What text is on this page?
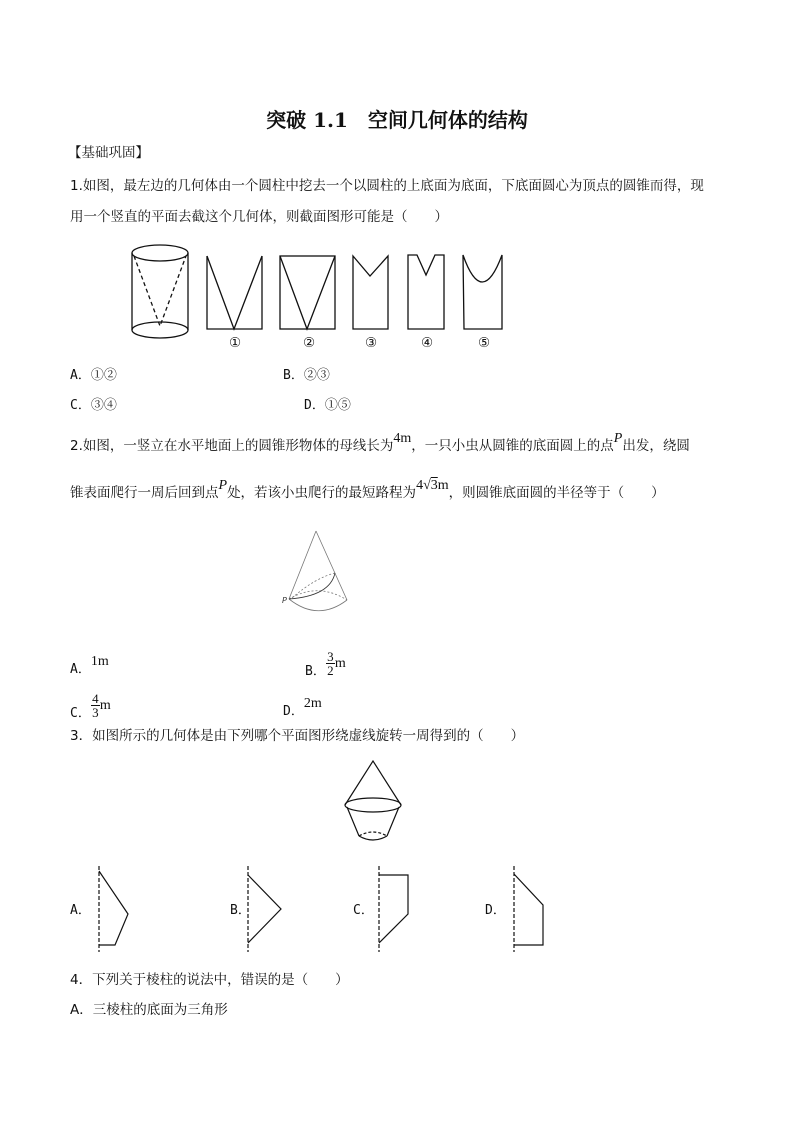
突破 1.1　空间几何体的结构
【基础巩固】
1.如图，最左边的几何体由一个圆柱中挖去一个以圆柱的上底面为底面，下底面圆心为顶点的圆锥而得，现
用一个竖直的平面去截这个几何体，则截面图形可能是（　　）
①	②	③	④	⑤
A．①②	B．②③
C．③④	D．①⑤
2.如图，一竖立在水平地面上的圆锥形物体的母线长为4m，一只小虫从圆锥的底面圆上的点P出发，绕圆
锥表面爬行一周后回到点P处，若该小虫爬行的最短路程为4√3m，则圆锥底面圆的半径等于（　　）
P
A．1m
B． $\frac{3}{2}$ m
C． $\frac{4}{3}$ m	D．2m
3．如图所示的几何体是由下列哪个平面图形绕虚线旋转一周得到的（　　）
A．	B．	C．	D．
4．下列关于棱柱的说法中，错误的是（　　）
A．三棱柱的底面为三角形
